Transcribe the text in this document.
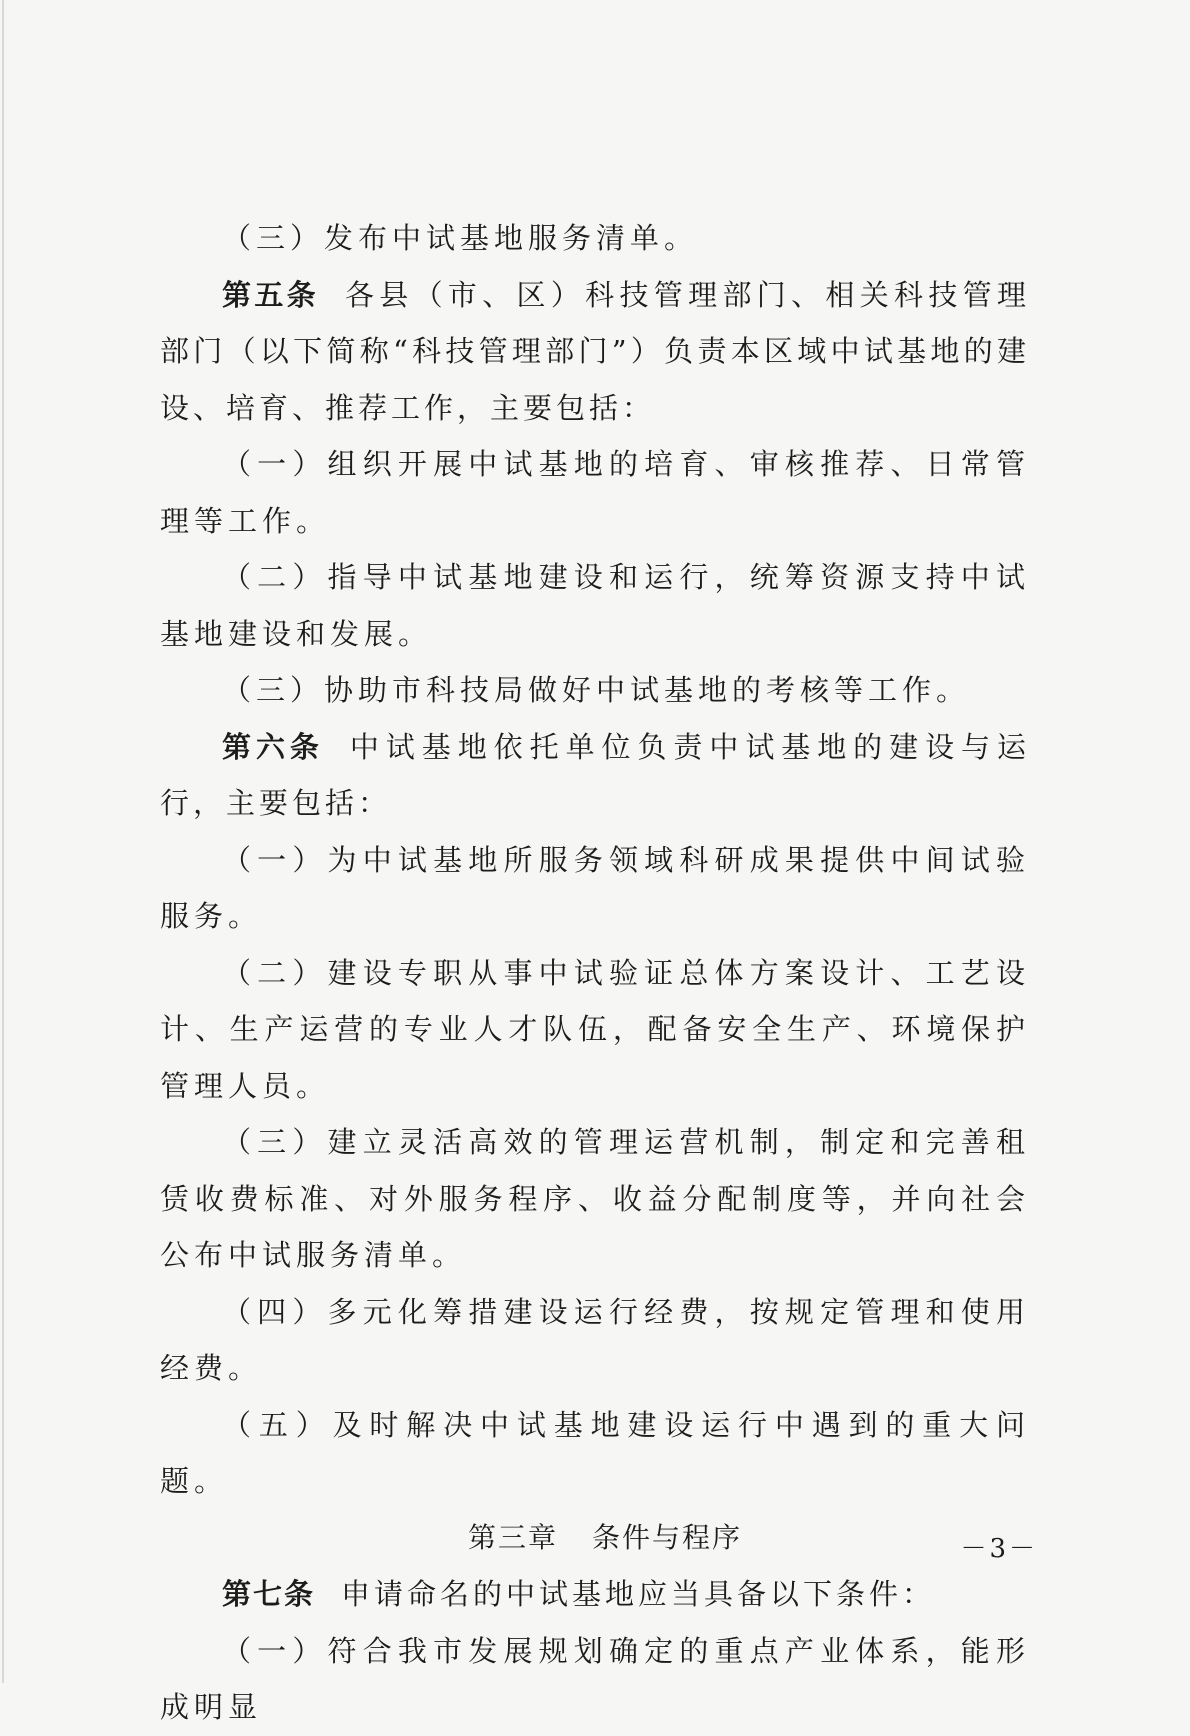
（三）发布中试基地服务清单。

第五条 各县（市、区）科技管理部门、相关科技管理部门（以下简称“科技管理部门”）负责本区域中试基地的建设、培育、推荐工作，主要包括：

（一）组织开展中试基地的培育、审核推荐、日常管理等工作。

（二）指导中试基地建设和运行，统筹资源支持中试基地建设和发展。

（三）协助市科技局做好中试基地的考核等工作。

第六条 中试基地依托单位负责中试基地的建设与运行，主要包括：

（一）为中试基地所服务领域科研成果提供中间试验服务。

（二）建设专职从事中试验证总体方案设计、工艺设计、生产运营的专业人才队伍，配备安全生产、环境保护管理人员。

（三）建立灵活高效的管理运营机制，制定和完善租赁收费标准、对外服务程序、收益分配制度等，并向社会公布中试服务清单。

（四）多元化筹措建设运行经费，按规定管理和使用经费。

（五）及时解决中试基地建设运行中遇到的重大问题。

第三章 条件与程序

第七条 申请命名的中试基地应当具备以下条件：

（一）符合我市发展规划确定的重点产业体系，能形成明显

－3－
